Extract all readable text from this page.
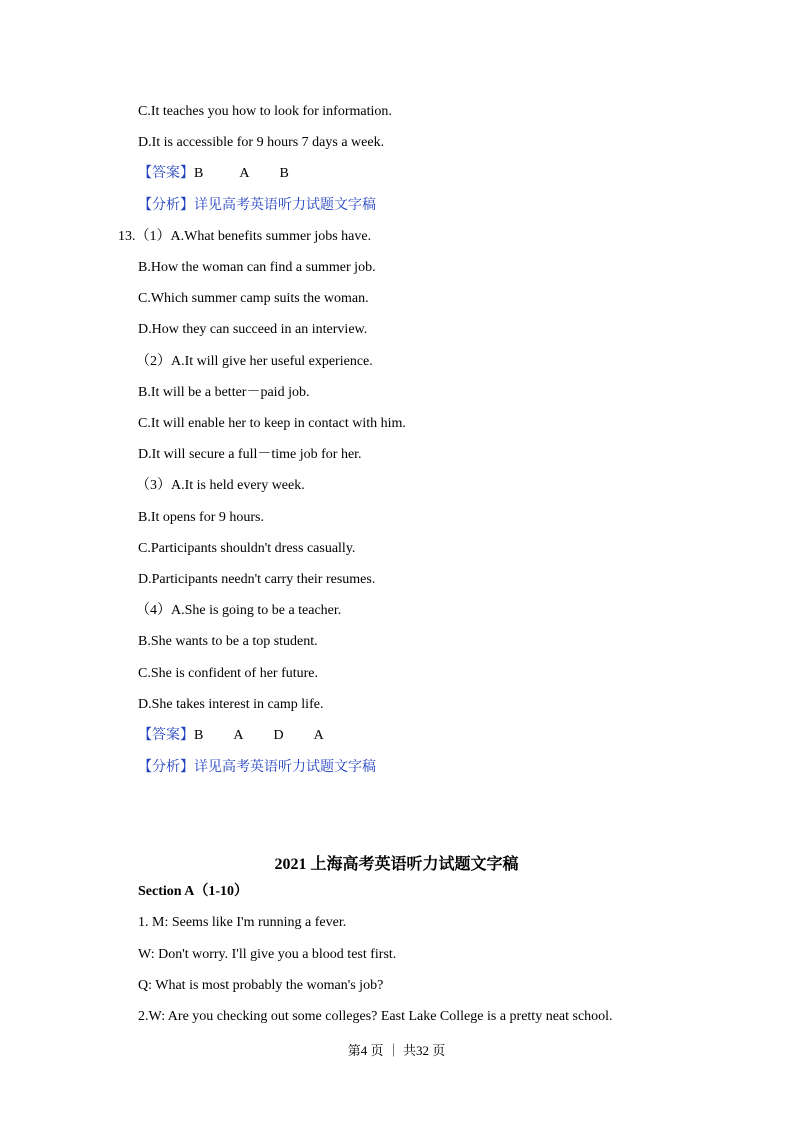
C.It teaches you how to look for information.
D.It is accessible for 9 hours 7 days a week.
【答案】B	A B
【分析】详见高考英语听力试题文字稿
13.（1）A.What benefits summer jobs have.
B.How the woman can find a summer job.
C.Which summer camp suits the woman.
D.How they can succeed in an interview.
（2）A.It will give her useful experience.
B.It will be a better－paid job.
C.It will enable her to keep in contact with him.
D.It will secure a full－time job for her.
（3）A.It is held every week.
B.It opens for 9 hours.
C.Participants shouldn't dress casually.
D.Participants needn't carry their resumes.
（4）A.She is going to be a teacher.
B.She wants to be a top student.
C.She is confident of her future.
D.She takes interest in camp life.
【答案】B A D A
【分析】详见高考英语听力试题文字稿
2021 上海高考英语听力试题文字稿
Section A（1-10）
1. M: Seems like I'm running a fever.
W: Don't worry. I'll give you a blood test first.
Q: What is most probably the woman's job?
2.W: Are you checking out some colleges? East Lake College is a pretty neat school.
第4 页 ｜ 共32 页
